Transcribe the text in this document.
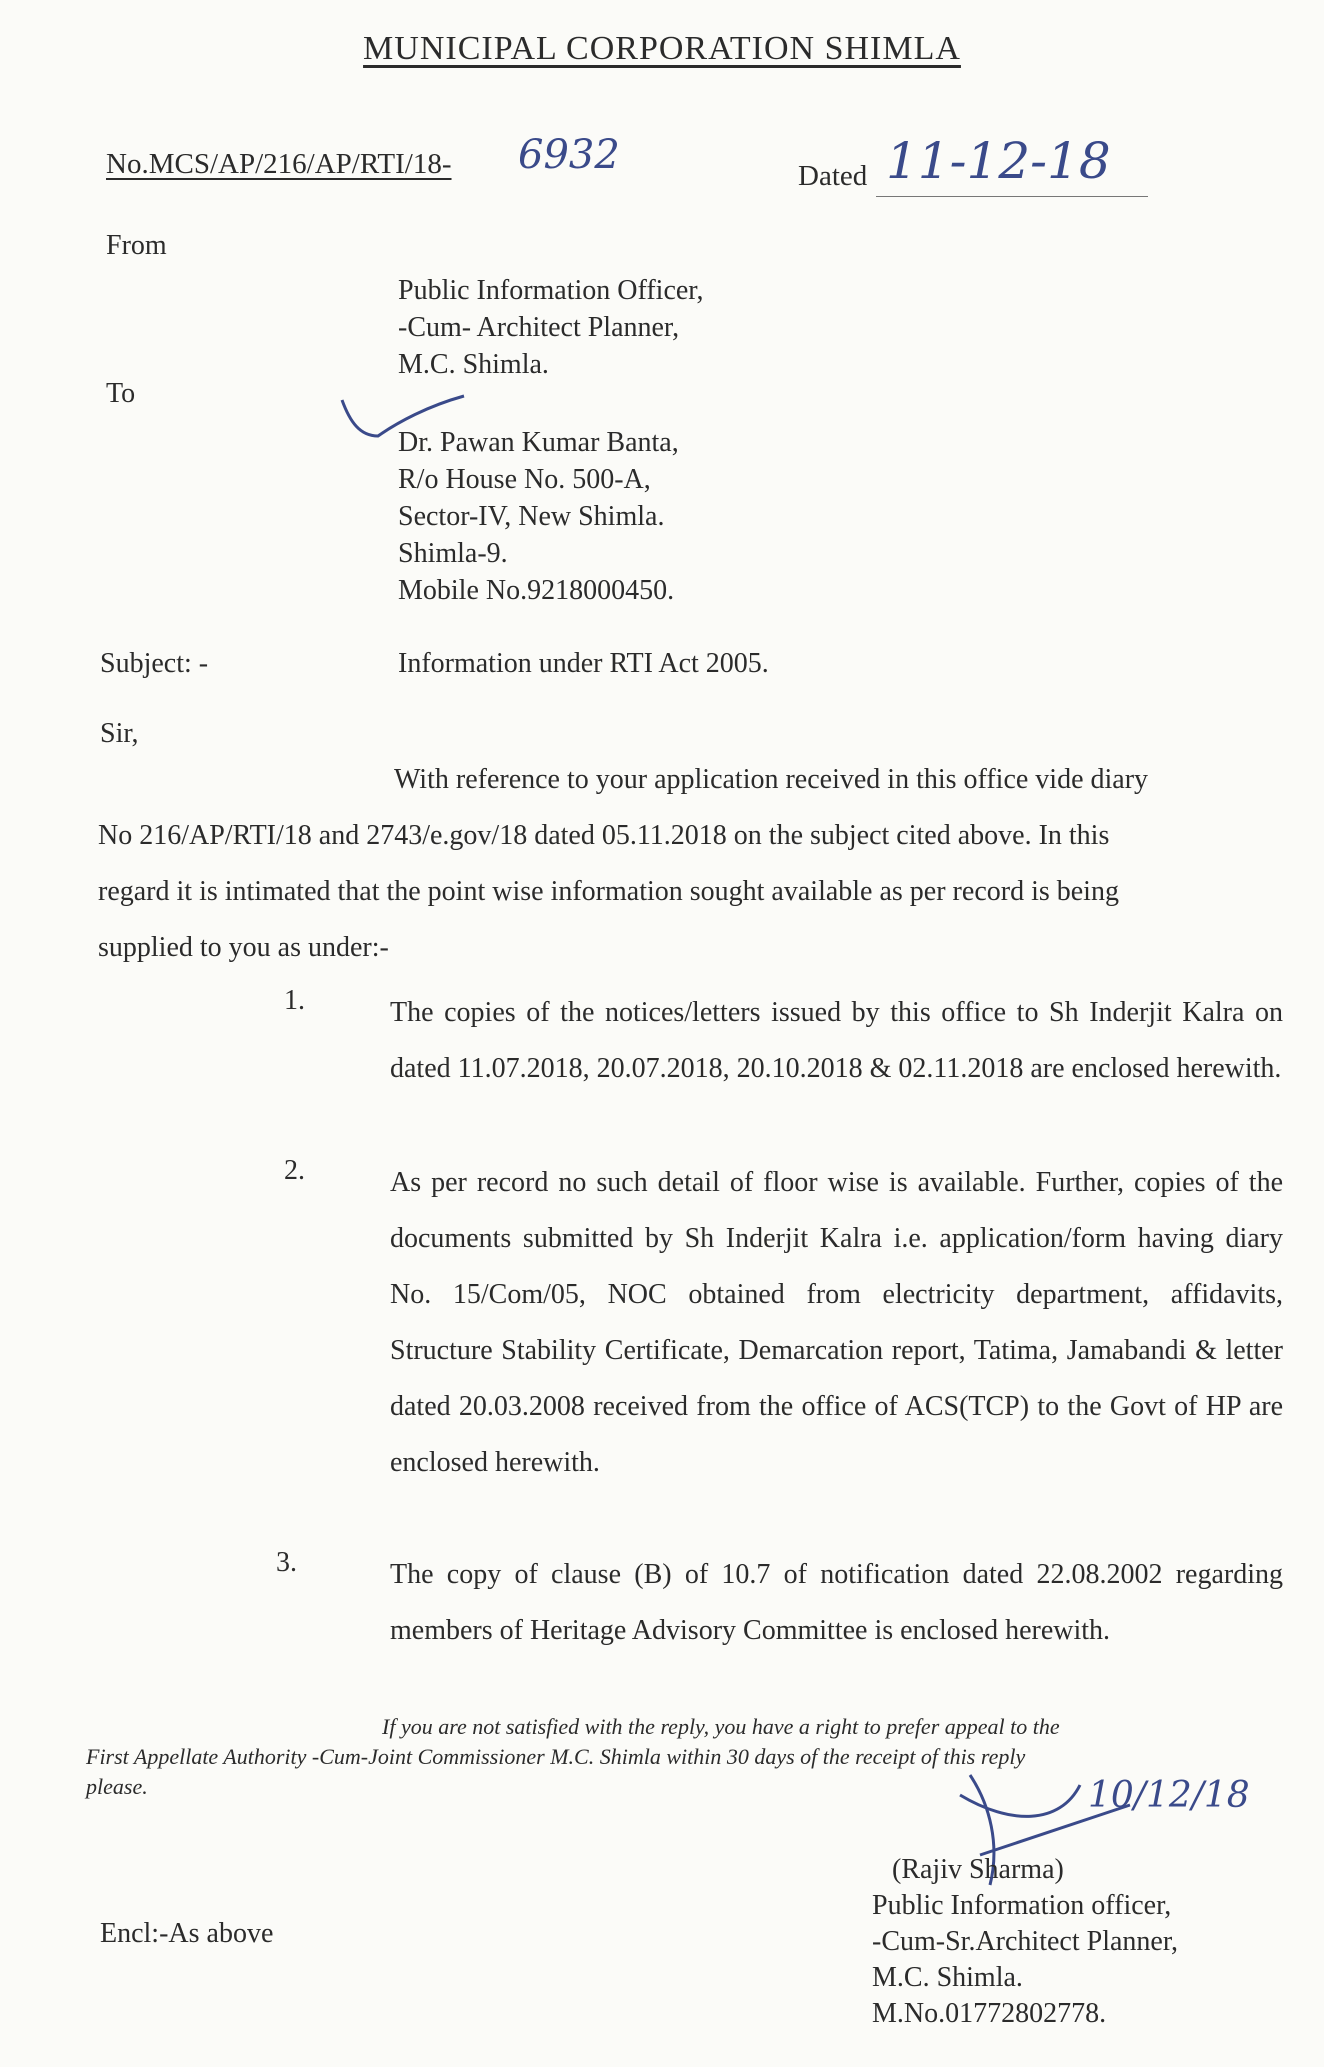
MUNICIPAL CORPORATION SHIMLA
No.MCS/AP/216/AP/RTI/18- 6932	Dated 11-12-18
From
Public Information Officer,
-Cum- Architect Planner,
M.C. Shimla.
To
Dr. Pawan Kumar Banta,
R/o House No. 500-A,
Sector-IV, New Shimla.
Shimla-9.
Mobile No.9218000450.
Subject: -	Information under RTI Act 2005.
Sir,
With reference to your application received in this office vide diary
No 216/AP/RTI/18 and 2743/e.gov/18 dated 05.11.2018 on the subject cited above. In this
regard it is intimated that the point wise information sought available as per record is being
supplied to you as under:-
1.	The copies of the notices/letters issued by this office to Sh Inderjit Kalra on dated 11.07.2018, 20.07.2018, 20.10.2018 & 02.11.2018 are enclosed herewith.
2.	As per record no such detail of floor wise is available. Further, copies of the documents submitted by Sh Inderjit Kalra i.e. application/form having diary No. 15/Com/05, NOC obtained from electricity department, affidavits, Structure Stability Certificate, Demarcation report, Tatima, Jamabandi & letter dated 20.03.2008 received from the office of ACS(TCP) to the Govt of HP are enclosed herewith.
3.	The copy of clause (B) of 10.7 of notification dated 22.08.2002 regarding members of Heritage Advisory Committee is enclosed herewith.
If you are not satisfied with the reply, you have a right to prefer appeal to the
First Appellate Authority -Cum-Joint Commissioner M.C. Shimla within 30 days of the receipt of this reply
please.	10/12/18
(Rajiv Sharma)
Public Information officer,
-Cum-Sr.Architect Planner,
M.C. Shimla.
M.No.01772802778.
Encl:-As above
